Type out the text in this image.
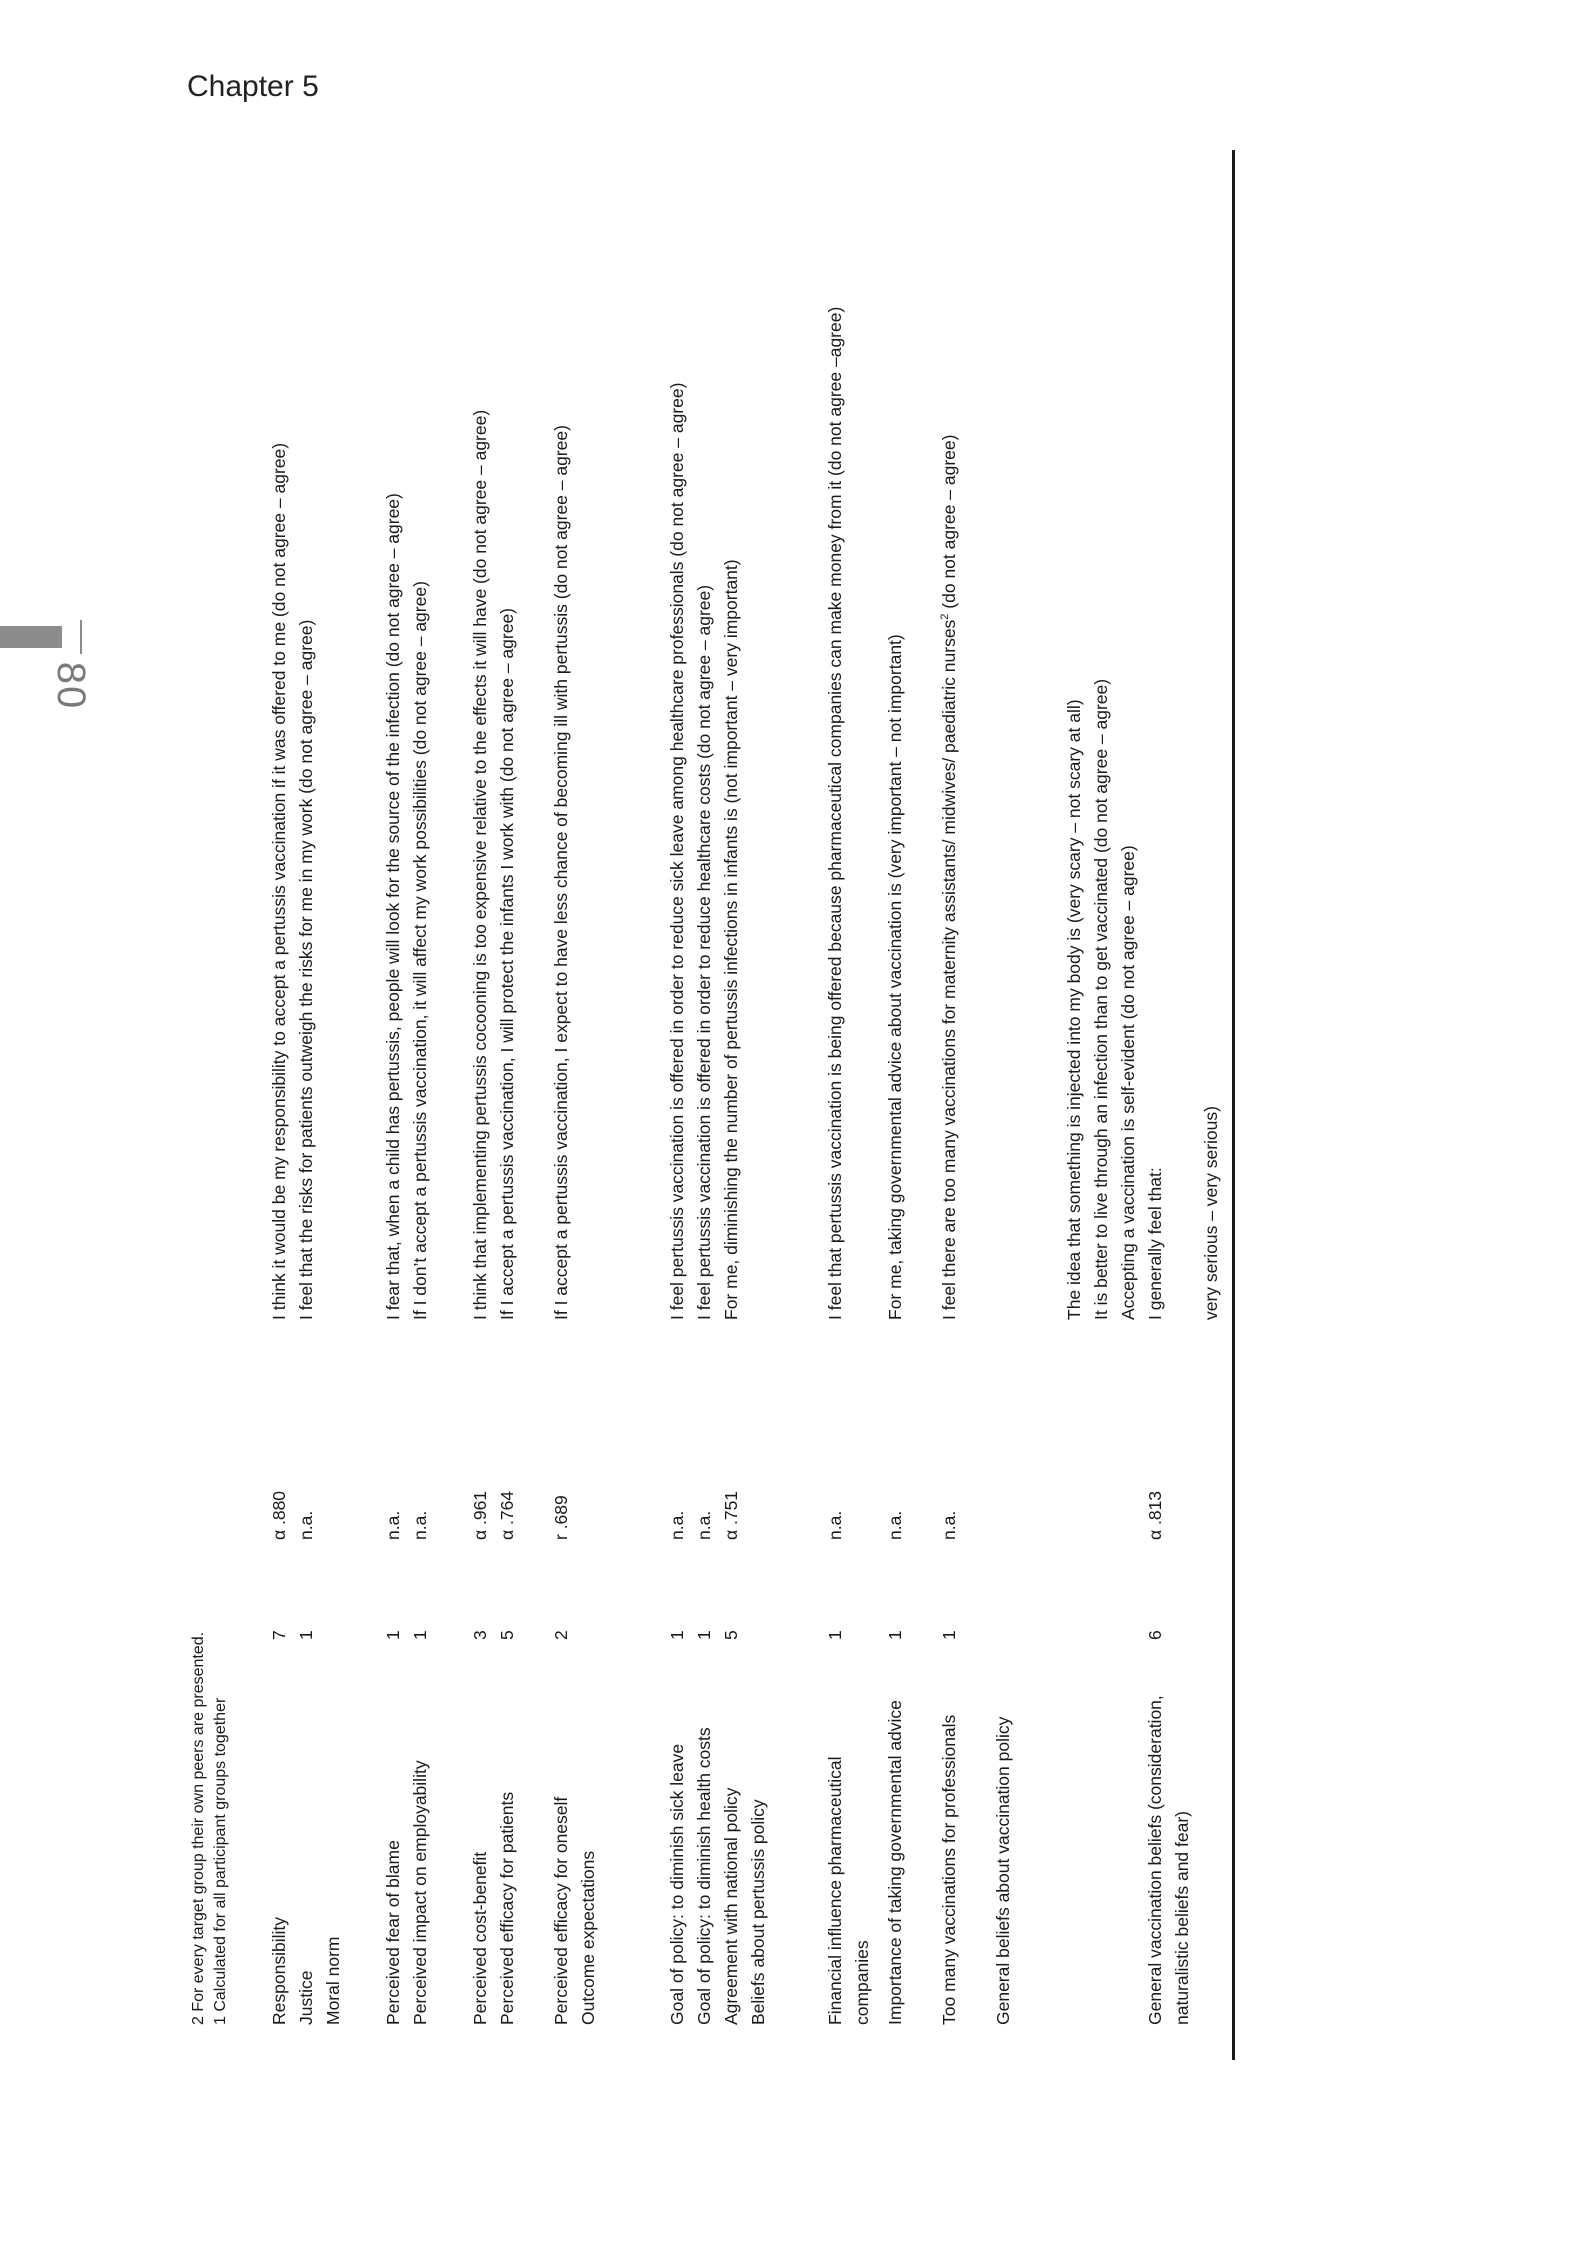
Chapter 5
80
very serious – very serious)
General vaccination beliefs (consideration, naturalistic beliefs and fear)
6
α .813
I generally feel that:
Accepting a vaccination is self-evident (do not agree – agree)
It is better to live through an infection than to get vaccinated (do not agree – agree)
The idea that something is injected into my body is (very scary – not scary at all)
General beliefs about vaccination policy
Too many vaccinations for professionals
1
n.a.
I feel there are too many vaccinations for maternity assistants/ midwives/ paediatric nurses$^2$ (do not agree – agree)
Importance of taking governmental advice
1
n.a.
For me, taking governmental advice about vaccination is (very important – not important)
Financial influence pharmaceutical companies
1
n.a.
I feel that pertussis vaccination is being offered because pharmaceutical companies can make money from it (do not agree –agree)
Beliefs about pertussis policy
Agreement with national policy
5
α .751
For me, diminishing the number of pertussis infections in infants is (not important – very important)
Goal of policy: to diminish health costs
1
n.a.
I feel pertussis vaccination is offered in order to reduce healthcare costs (do not agree – agree)
Goal of policy: to diminish sick leave
1
n.a.
I feel pertussis vaccination is offered in order to reduce sick leave among healthcare professionals (do not agree – agree)
Outcome expectations
Perceived efficacy for oneself
2
r .689
If I accept a pertussis vaccination, I expect to have less chance of becoming ill with pertussis (do not agree – agree)
Perceived efficacy for patients
5
α .764
If I accept a pertussis vaccination, I will protect the infants I work with (do not agree – agree)
Perceived cost-benefit
3
α .961
I think that implementing pertussis cocooning is too expensive relative to the effects it will have (do not agree – agree)
Perceived impact on employability
1
n.a.
If I don’t accept a pertussis vaccination, it will affect my work possibilities (do not agree – agree)
Perceived fear of blame
1
n.a.
I fear that, when a child has pertussis, people will look for the source of the infection (do not agree – agree)
Moral norm
Justice
1
n.a.
I feel that the risks for patients outweigh the risks for me in my work (do not agree – agree)
Responsibility
7
α .880
I think it would be my responsibility to accept a pertussis vaccination if it was offered to me (do not agree – agree)
1 Calculated for all participant groups together
2 For every target group their own peers are presented.
